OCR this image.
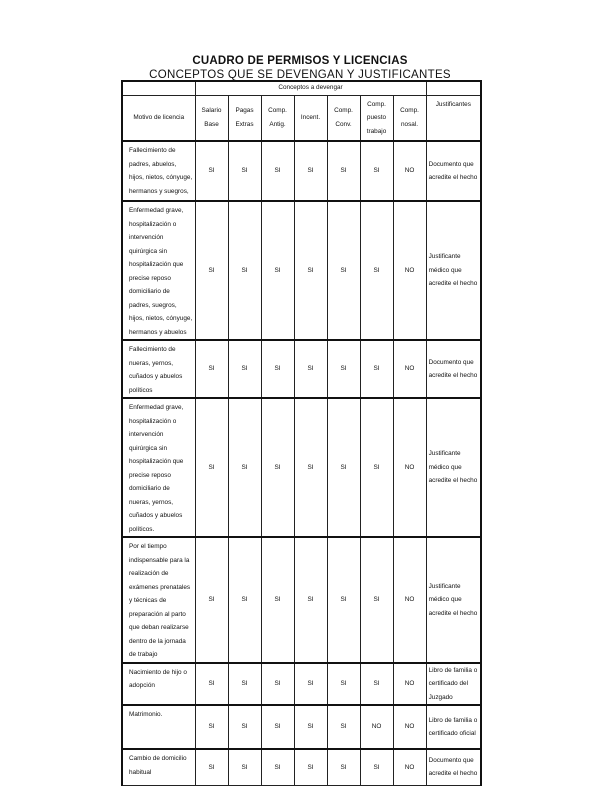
CUADRO DE PERMISOS Y LICENCIAS
CONCEPTOS QUE SE DEVENGAN Y JUSTIFICANTES
	Conceptos a devengar							
Motivo de licencia	Salario Base	Pagas Extras	Comp. Antig.	Incent.	Comp. Conv.	Comp. puesto trabajo	Comp. nosal.	Justificantes
Fallecimiento de padres, abuelos, hijos, nietos, cónyuge, hermanos y suegros,	SI	SI	SI	SI	SI	SI	NO	Documento que acredite el hecho
Enfermedad grave, hospitalización o intervención quirúrgica sin hospitalización que precise reposo domiciliario de padres, suegros, hijos, nietos, cónyuge, hermanos y abuelos	SI	SI	SI	SI	SI	SI	NO	Justificante médico que acredite el hecho
Fallecimiento de nueras, yernos, cuñados y abuelos políticos	SI	SI	SI	SI	SI	SI	NO	Documento que acredite el hecho
Enfermedad grave, hospitalización o intervención quirúrgica sin hospitalización que precise reposo domiciliario de nueras, yernos, cuñados y abuelos políticos.	SI	SI	SI	SI	SI	SI	NO	Justificante médico que acredite el hecho
Por el tiempo indispensable para la realización de exámenes prenatales y técnicas de preparación al parto que deban realizarse dentro de la jornada de trabajo	SI	SI	SI	SI	SI	SI	NO	Justificante médico que acredite el hecho
Nacimiento de hijo o adopción	SI	SI	SI	SI	SI	SI	NO	Libro de familia o certificado del Juzgado
Matrimonio.	SI	SI	SI	SI	SI	NO	NO	Libro de familia o certificado oficial
Cambio de domicilio habitual	SI	SI	SI	SI	SI	SI	NO	Documento que acredite el hecho
